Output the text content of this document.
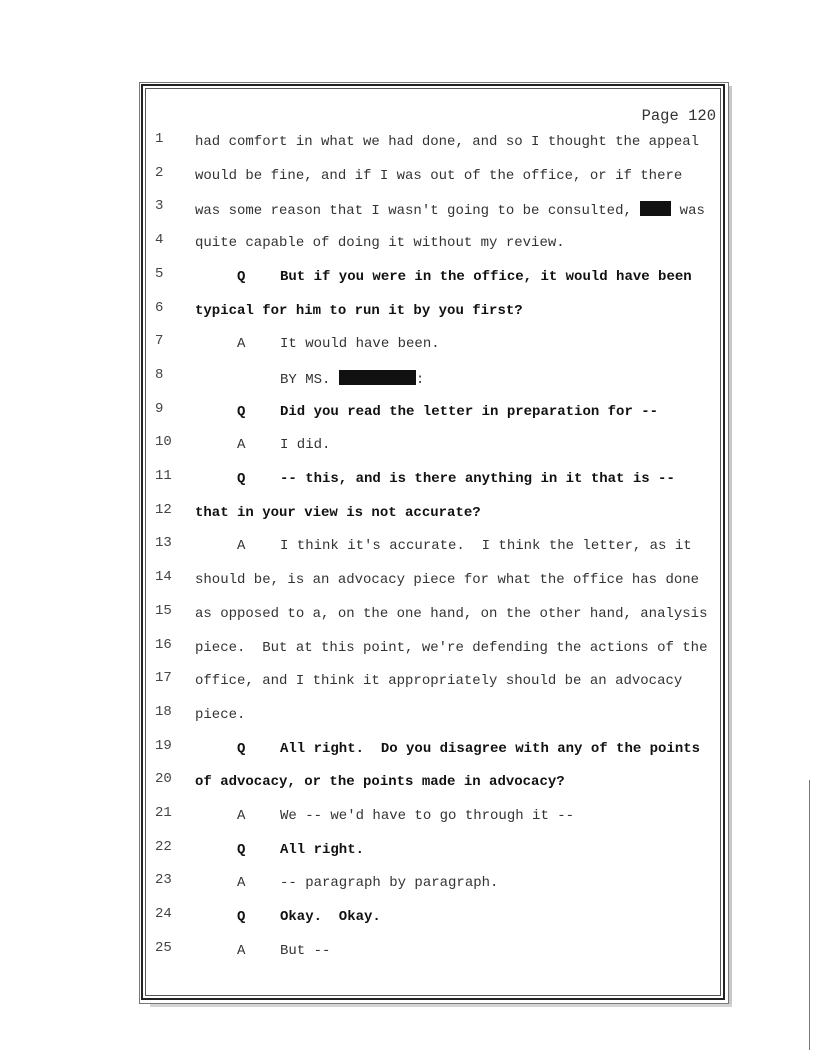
Page 120
1	had comfort in what we had done, and so I thought the appeal
2	would be fine, and if I was out of the office, or if there
3	was some reason that I wasn't going to be consulted,  was
4	quite capable of doing it without my review.
5	Q But if you were in the office, it would have been
6	typical for him to run it by you first?
7	A It would have been.
8	BY MS.	:
9	Q Did you read the letter in preparation for --
10	A I did.
11	Q -- this, and is there anything in it that is --
12	that in your view is not accurate?
13	A I think it's accurate.  I think the letter, as it
14	should be, is an advocacy piece for what the office has done
15	as opposed to a, on the one hand, on the other hand, analysis
16	piece.  But at this point, we're defending the actions of the
17	office, and I think it appropriately should be an advocacy
18	piece.
19	Q All right.  Do you disagree with any of the points
20	of advocacy, or the points made in advocacy?
21	A We -- we'd have to go through it --
22	Q All right.
23	A -- paragraph by paragraph.
24	Q Okay.  Okay.
25	A But --
